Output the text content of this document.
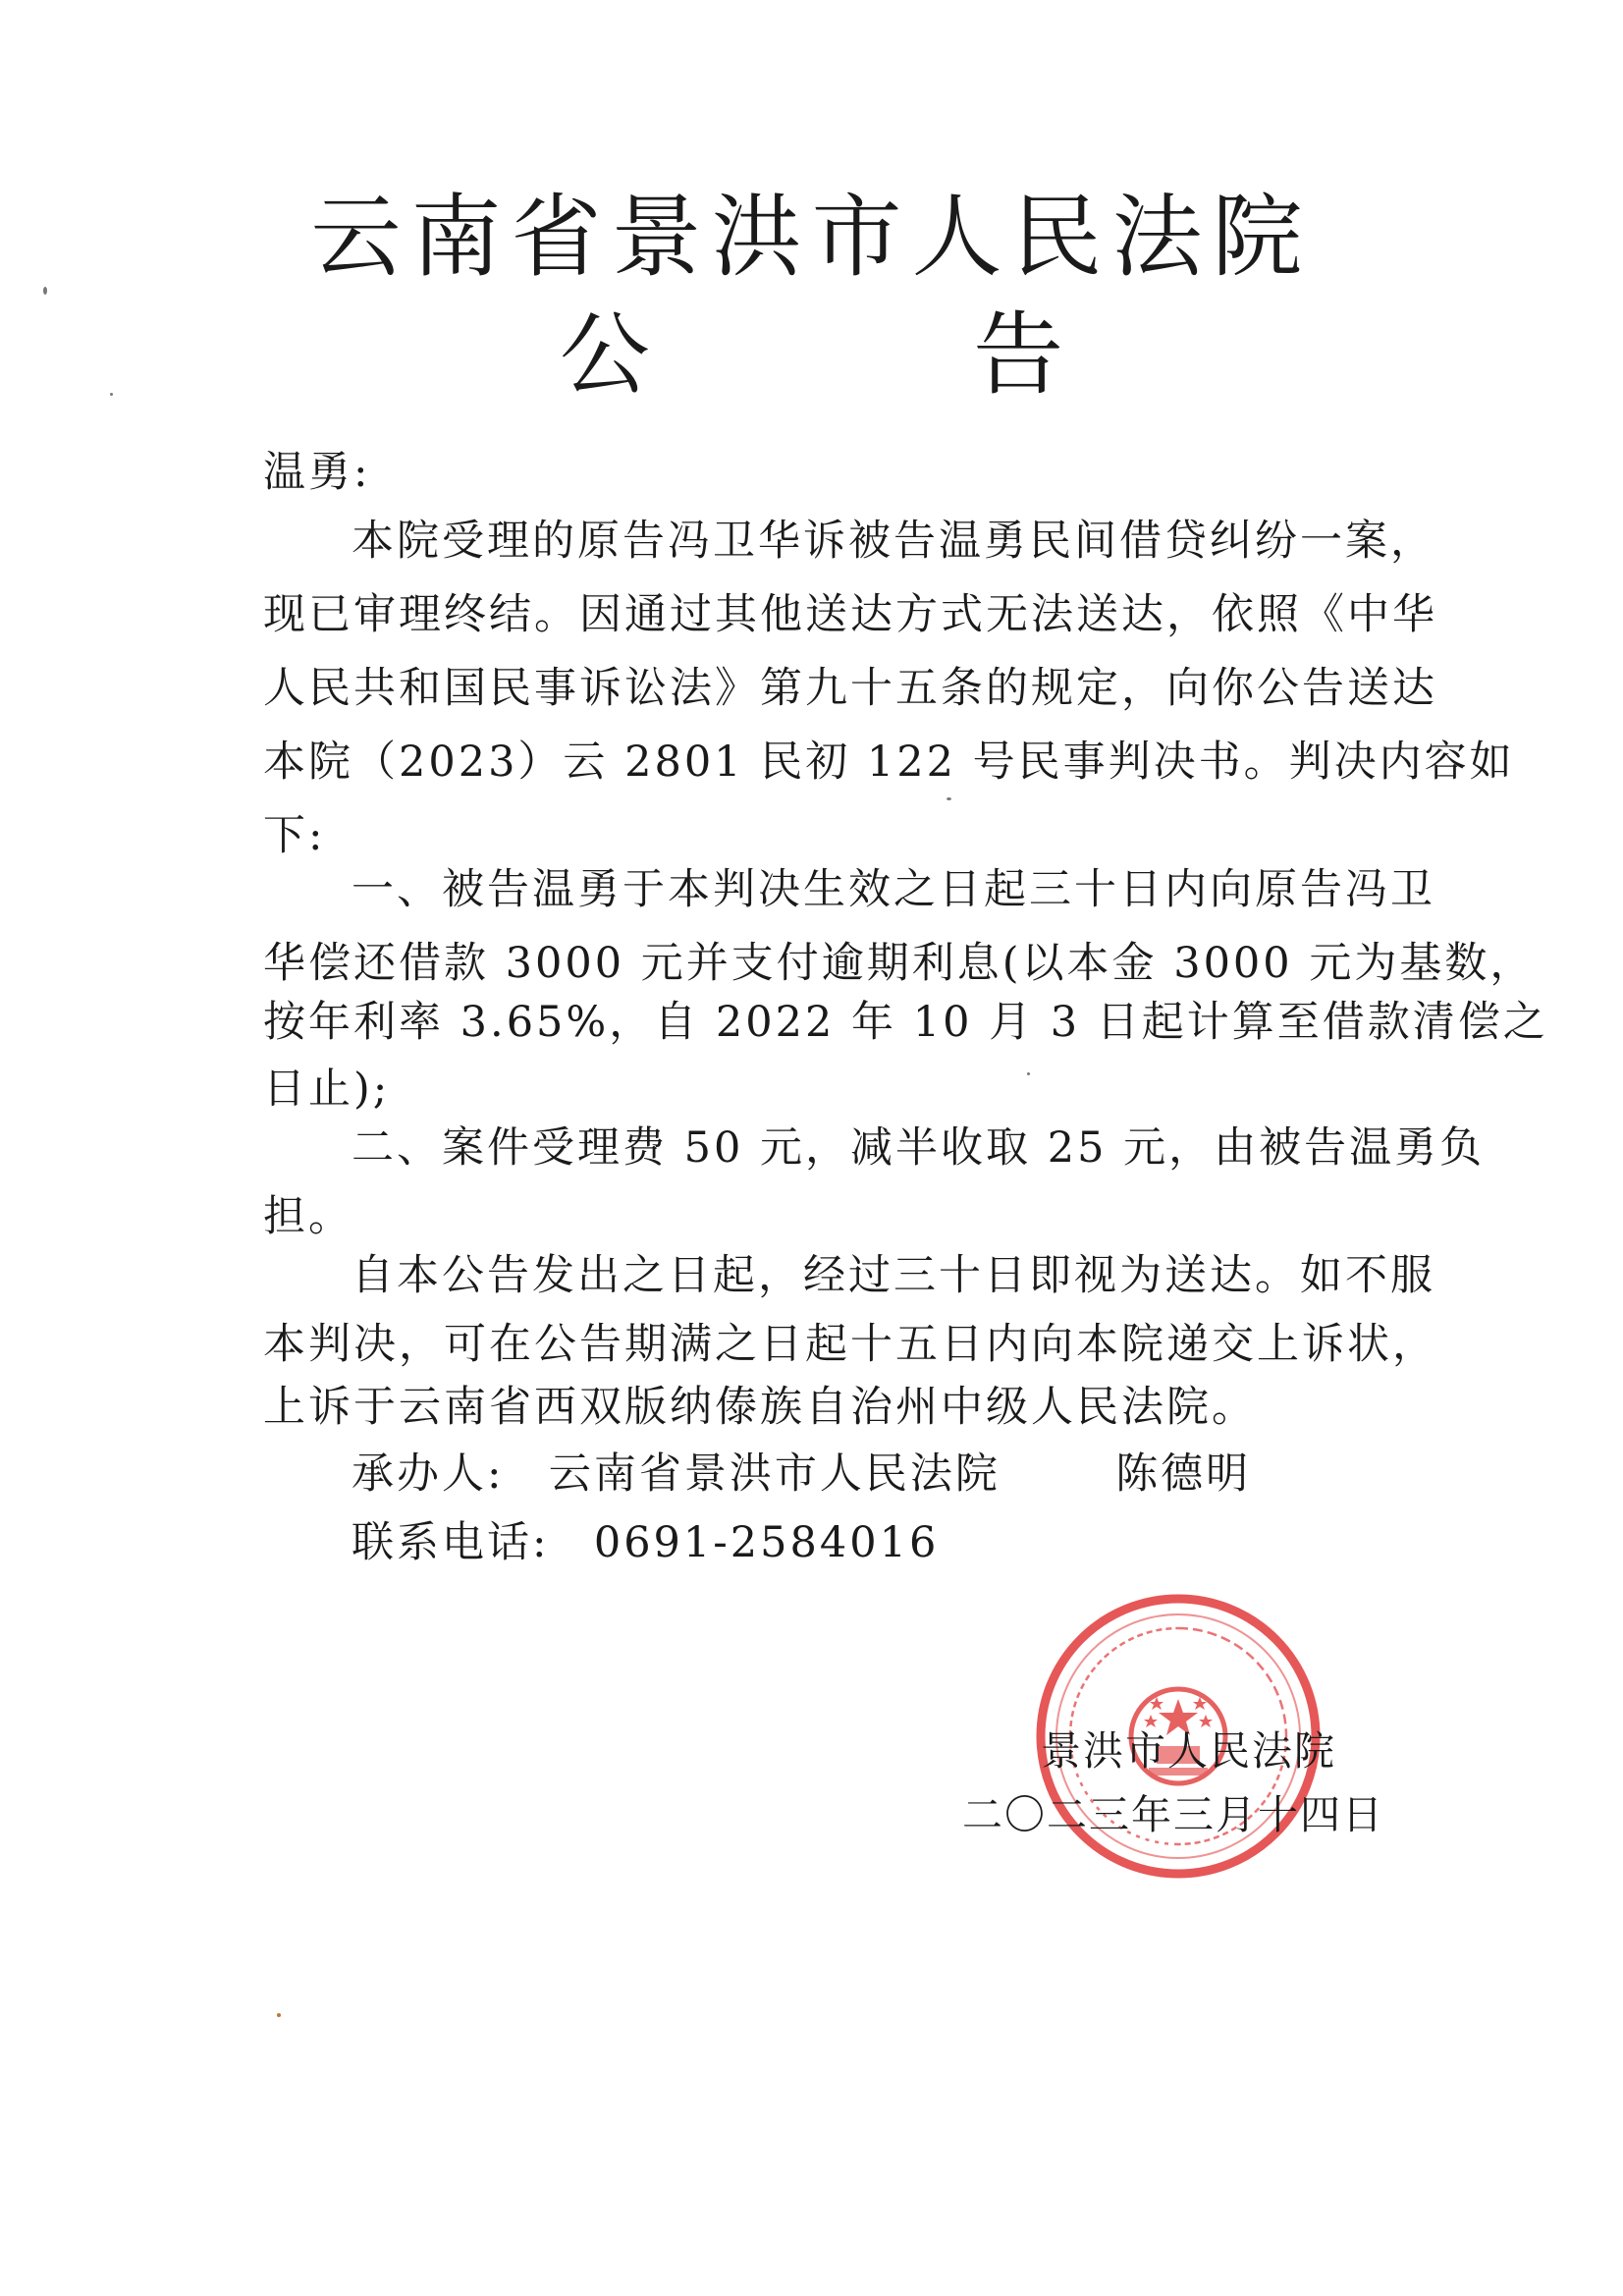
云南省景洪市人民法院
公 告
温勇:
本院受理的原告冯卫华诉被告温勇民间借贷纠纷一案，
现已审理终结。因通过其他送达方式无法送达，依照《中华
人民共和国民事诉讼法》第九十五条的规定，向你公告送达
本院（2023）云 2801 民初 122 号民事判决书。判决内容如
下:
一、被告温勇于本判决生效之日起三十日内向原告冯卫
华偿还借款 3000 元并支付逾期利息(以本金 3000 元为基数，
按年利率 3.65%，自 2022 年 10 月 3 日起计算至借款清偿之
日止);
二、案件受理费 50 元，减半收取 25 元，由被告温勇负
担。
自本公告发出之日起，经过三十日即视为送达。如不服
本判决，可在公告期满之日起十五日内向本院递交上诉状，
上诉于云南省西双版纳傣族自治州中级人民法院。
承办人: 云南省景洪市人民法院	陈德明
联系电话: 0691-2584016
景洪市人民法院
二〇二三年三月十四日
